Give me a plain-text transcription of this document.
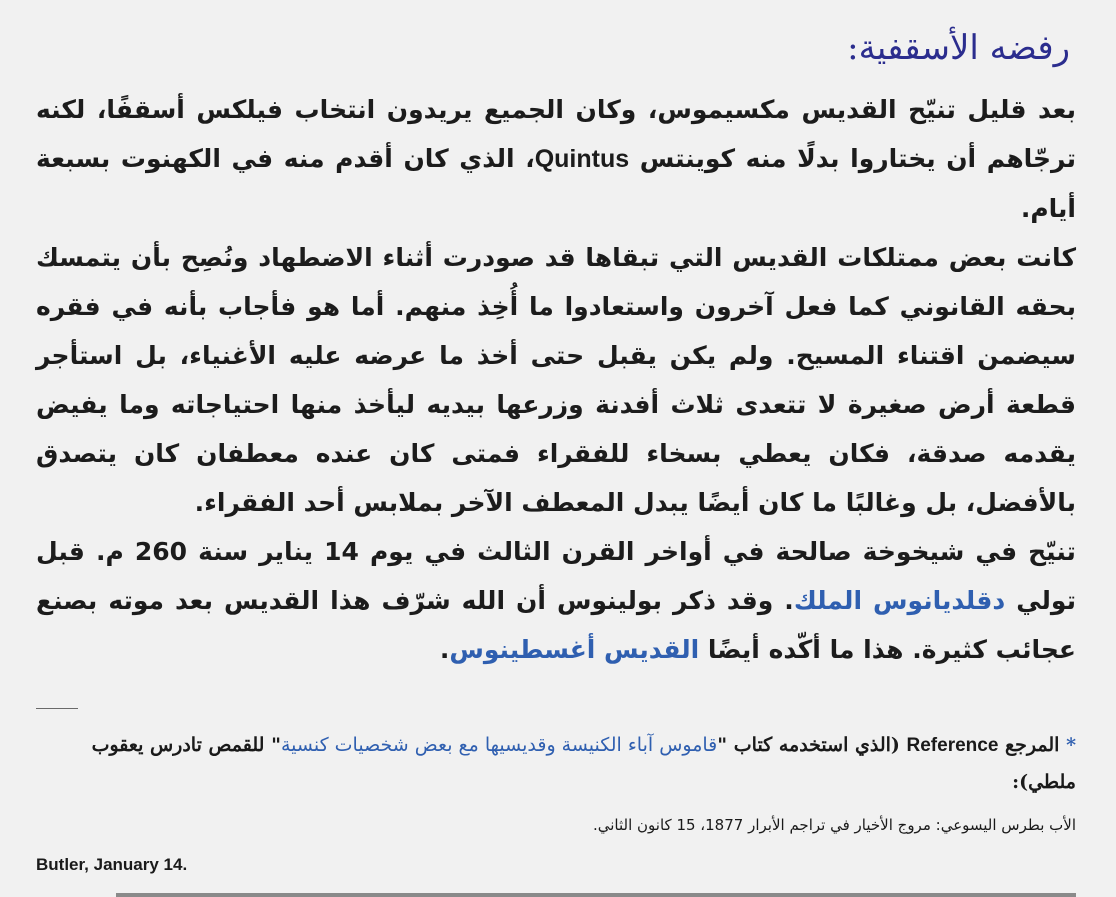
رفضه الأسقفية:

بعد قليل تنيّح القديس مكسيموس، وكان الجميع يريدون انتخاب فيلكس أسقفًا، لكنه ترجّاهم أن يختاروا بدلًا منه كوينتس Quintus، الذي كان أقدم منه في الكهنوت بسبعة أيام.

كانت بعض ممتلكات القديس التي تبقاها قد صودرت أثناء الاضطهاد ونُصِح بأن يتمسك بحقه القانوني كما فعل آخرون واستعادوا ما أُخِذ منهم. أما هو فأجاب بأنه في فقره سيضمن اقتناء المسيح. ولم يكن يقبل حتى أخذ ما عرضه عليه الأغنياء، بل استأجر قطعة أرض صغيرة لا تتعدى ثلاث أفدنة وزرعها بيديه ليأخذ منها احتياجاته وما يفيض يقدمه صدقة، فكان يعطي بسخاء للفقراء فمتى كان عنده معطفان كان يتصدق بالأفضل، بل وغالبًا ما كان أيضًا يبدل المعطف الآخر بملابس أحد الفقراء.

تنيّح في شيخوخة صالحة في أواخر القرن الثالث في يوم 14 يناير سنة 260 م. قبل تولي دقلديانوس الملك. وقد ذكر بولينوس أن الله شرّف هذا القديس بعد موته بصنع عجائب كثيرة. هذا ما أكّده أيضًا القديس أغسطينوس.

* المرجع Reference (الذي استخدمه كتاب "قاموس آباء الكنيسة وقديسيها مع بعض شخصيات كنسية" للقمص تادرس يعقوب ملطي):
الأب بطرس اليسوعي: مروج الأخيار في تراجم الأبرار 1877، 15 كانون الثاني.
Butler, January 14.
